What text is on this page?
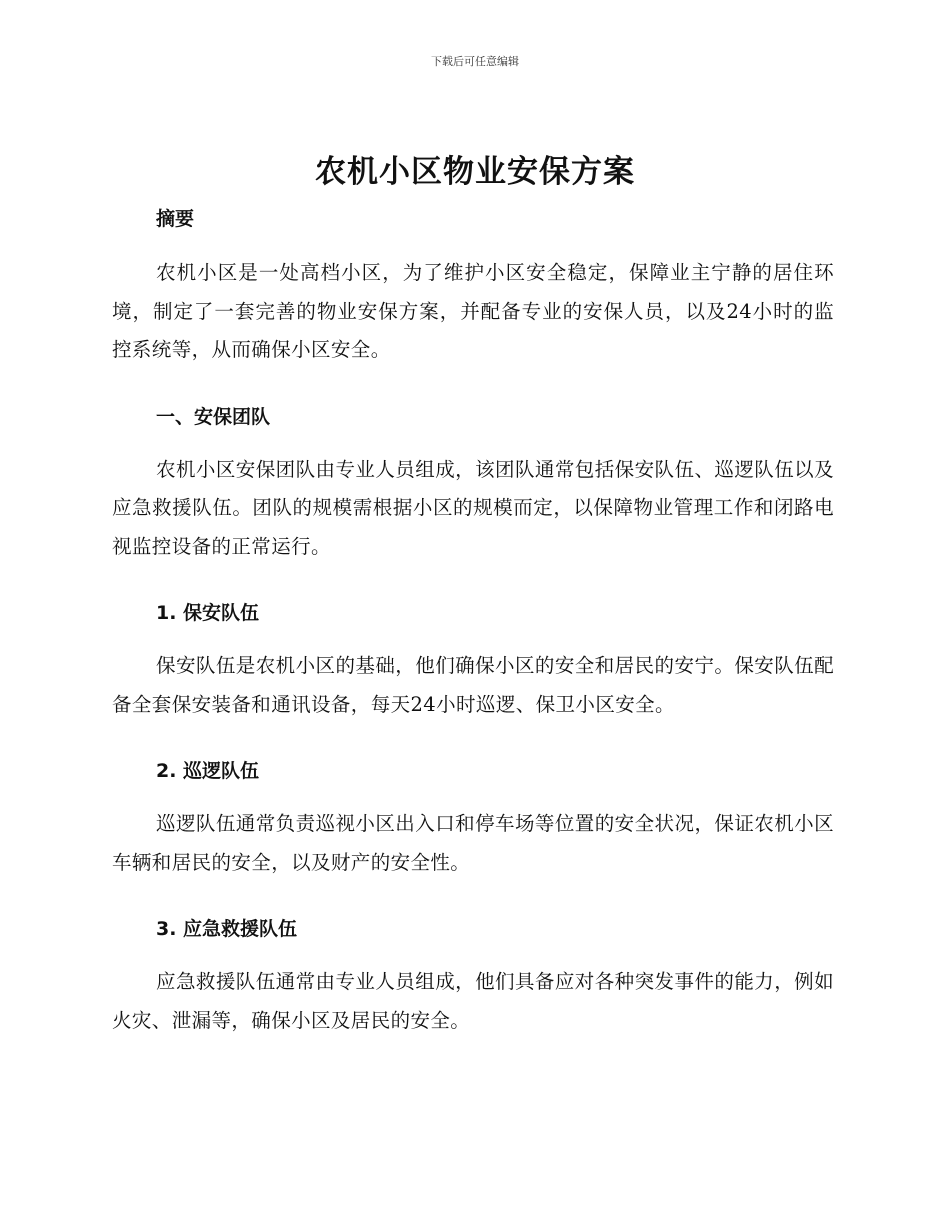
下载后可任意编辑
农机小区物业安保方案

摘要

农机小区是一处高档小区，为了维护小区安全稳定，保障业主宁静的居住环境，制定了一套完善的物业安保方案，并配备专业的安保人员，以及24小时的监控系统等，从而确保小区安全。

一、安保团队

农机小区安保团队由专业人员组成，该团队通常包括保安队伍、巡逻队伍以及应急救援队伍。团队的规模需根据小区的规模而定，以保障物业管理工作和闭路电视监控设备的正常运行。

1. 保安队伍

保安队伍是农机小区的基础，他们确保小区的安全和居民的安宁。保安队伍配备全套保安装备和通讯设备，每天24小时巡逻、保卫小区安全。

2. 巡逻队伍

巡逻队伍通常负责巡视小区出入口和停车场等位置的安全状况，保证农机小区车辆和居民的安全，以及财产的安全性。

3. 应急救援队伍

应急救援队伍通常由专业人员组成，他们具备应对各种突发事件的能力，例如火灾、泄漏等，确保小区及居民的安全。
